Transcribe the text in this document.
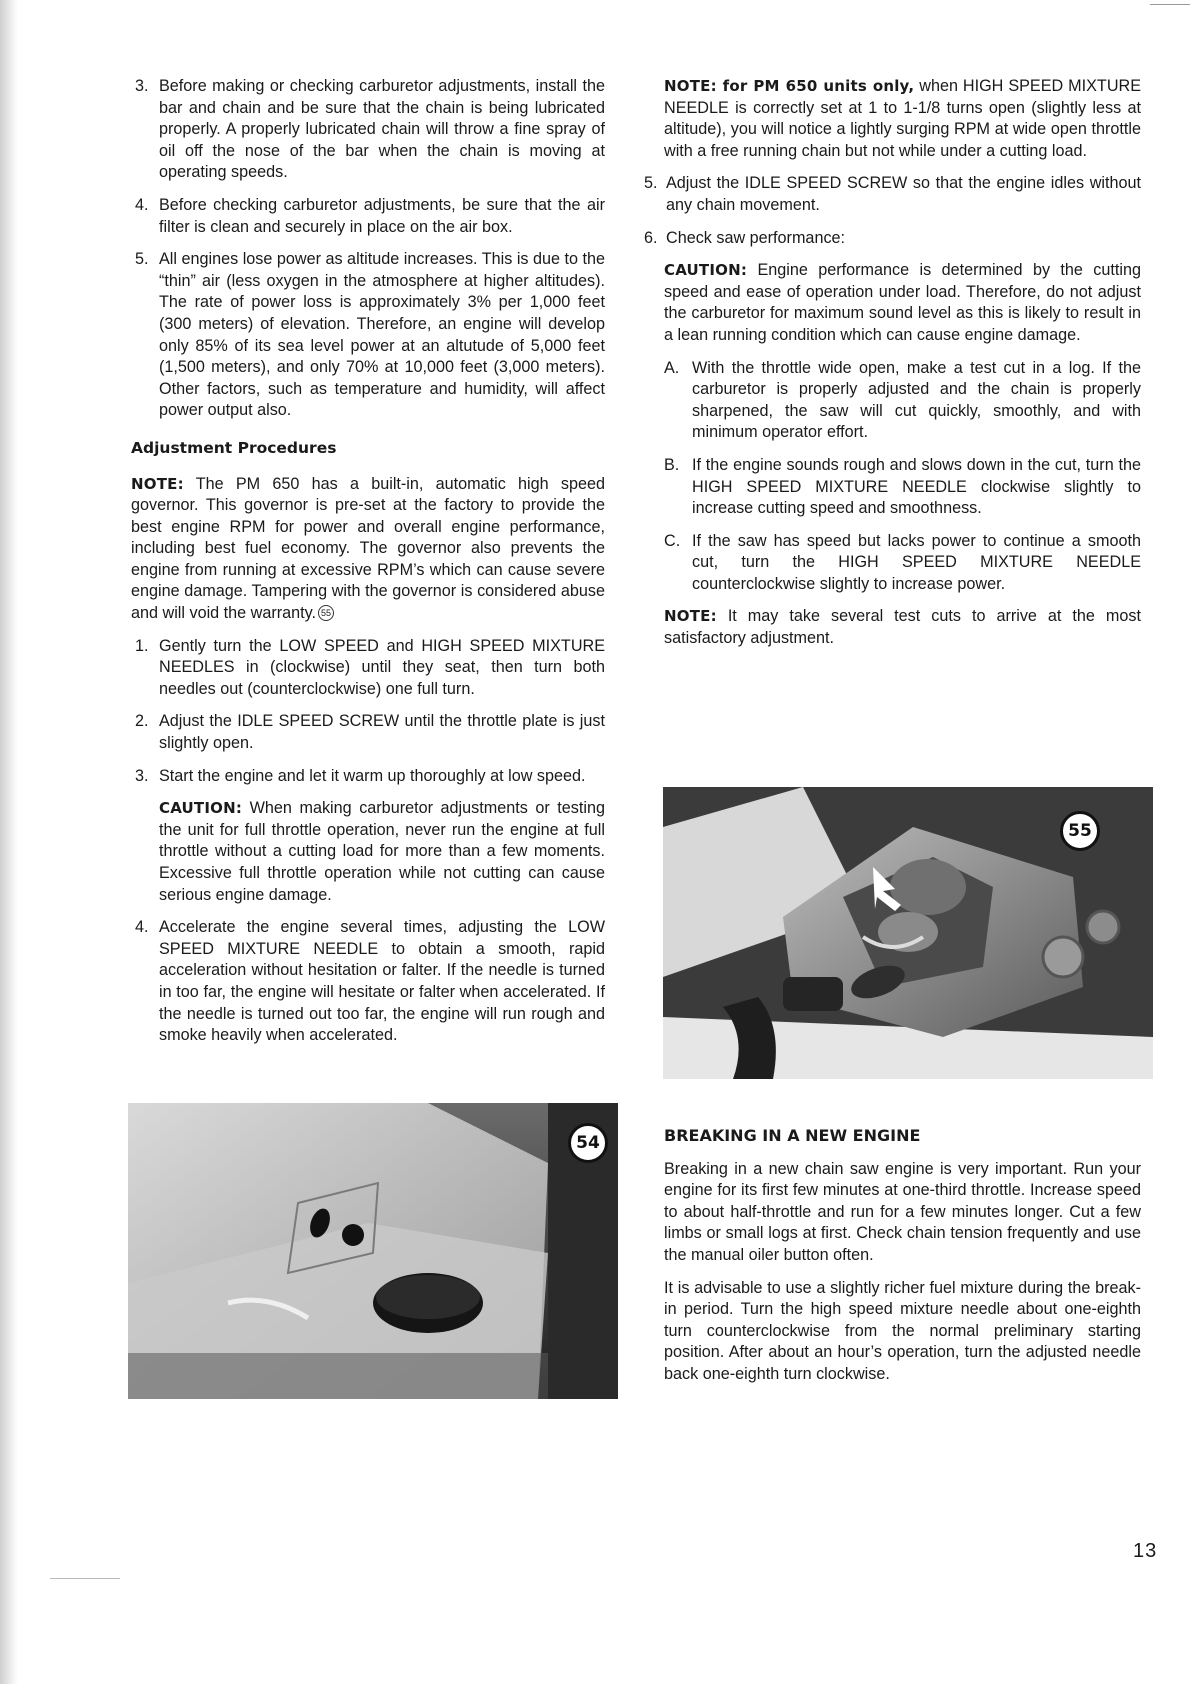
3. Before making or checking carburetor adjustments, install the bar and chain and be sure that the chain is being lubricated properly. A properly lubricated chain will throw a fine spray of oil off the nose of the bar when the chain is moving at operating speeds.
4. Before checking carburetor adjustments, be sure that the air filter is clean and securely in place on the air box.
5. All engines lose power as altitude increases. This is due to the “thin” air (less oxygen in the atmosphere at higher altitudes). The rate of power loss is approximately 3% per 1,000 feet (300 meters) of elevation. Therefore, an engine will develop only 85% of its sea level power at an altutude of 5,000 feet (1,500 meters), and only 70% at 10,000 feet (3,000 meters). Other factors, such as temperature and humidity, will affect power output also.
Adjustment Procedures

NOTE: The PM 650 has a built-in, automatic high speed governor. This governor is pre-set at the factory to provide the best engine RPM for power and overall engine performance, including best fuel economy. The governor also prevents the engine from running at excessive RPM’s which can cause severe engine damage. Tampering with the governor is considered abuse and will void the warranty. 55

1. Gently turn the LOW SPEED and HIGH SPEED MIXTURE NEEDLES in (clockwise) until they seat, then turn both needles out (counterclockwise) one full turn.
2. Adjust the IDLE SPEED SCREW until the throttle plate is just slightly open.
3. Start the engine and let it warm up thoroughly at low speed.

CAUTION: When making carburetor adjustments or testing the unit for full throttle operation, never run the engine at full throttle without a cutting load for more than a few moments. Excessive full throttle operation while not cutting can cause serious engine damage.

4. Accelerate the engine several times, adjusting the LOW SPEED MIXTURE NEEDLE to obtain a smooth, rapid acceleration without hesitation or falter. If the needle is turned in too far, the engine will hesitate or falter when accelerated. If the needle is turned out too far, the engine will run rough and smoke heavily when accelerated.
54

NOTE: for PM 650 units only, when HIGH SPEED MIXTURE NEEDLE is correctly set at 1 to 1-1/8 turns open (slightly less at altitude), you will notice a lightly surging RPM at wide open throttle with a free running chain but not while under a cutting load.

5. Adjust the IDLE SPEED SCREW so that the engine idles without any chain movement.
6. Check saw performance:

CAUTION: Engine performance is determined by the cutting speed and ease of operation under load. Therefore, do not adjust the carburetor for maximum sound level as this is likely to result in a lean running condition which can cause engine damage.

A. With the throttle wide open, make a test cut in a log. If the carburetor is properly adjusted and the chain is properly sharpened, the saw will cut quickly, smoothly, and with minimum operator effort.
B. If the engine sounds rough and slows down in the cut, turn the HIGH SPEED MIXTURE NEEDLE clockwise slightly to increase cutting speed and smoothness.
C. If the saw has speed but lacks power to continue a smooth cut, turn the HIGH SPEED MIXTURE NEEDLE counterclockwise slightly to increase power.

NOTE: It may take several test cuts to arrive at the most satisfactory adjustment.

55
BREAKING IN A NEW ENGINE

Breaking in a new chain saw engine is very important. Run your engine for its first few minutes at one-third throttle. Increase speed to about half-throttle and run for a few minutes longer. Cut a few limbs or small logs at first. Check chain tension frequently and use the manual oiler button often.

It is advisable to use a slightly richer fuel mixture during the break-in period. Turn the high speed mixture needle about one-eighth turn counterclockwise from the normal preliminary starting position. After about an hour’s operation, turn the adjusted needle back one-eighth turn clockwise.

13
